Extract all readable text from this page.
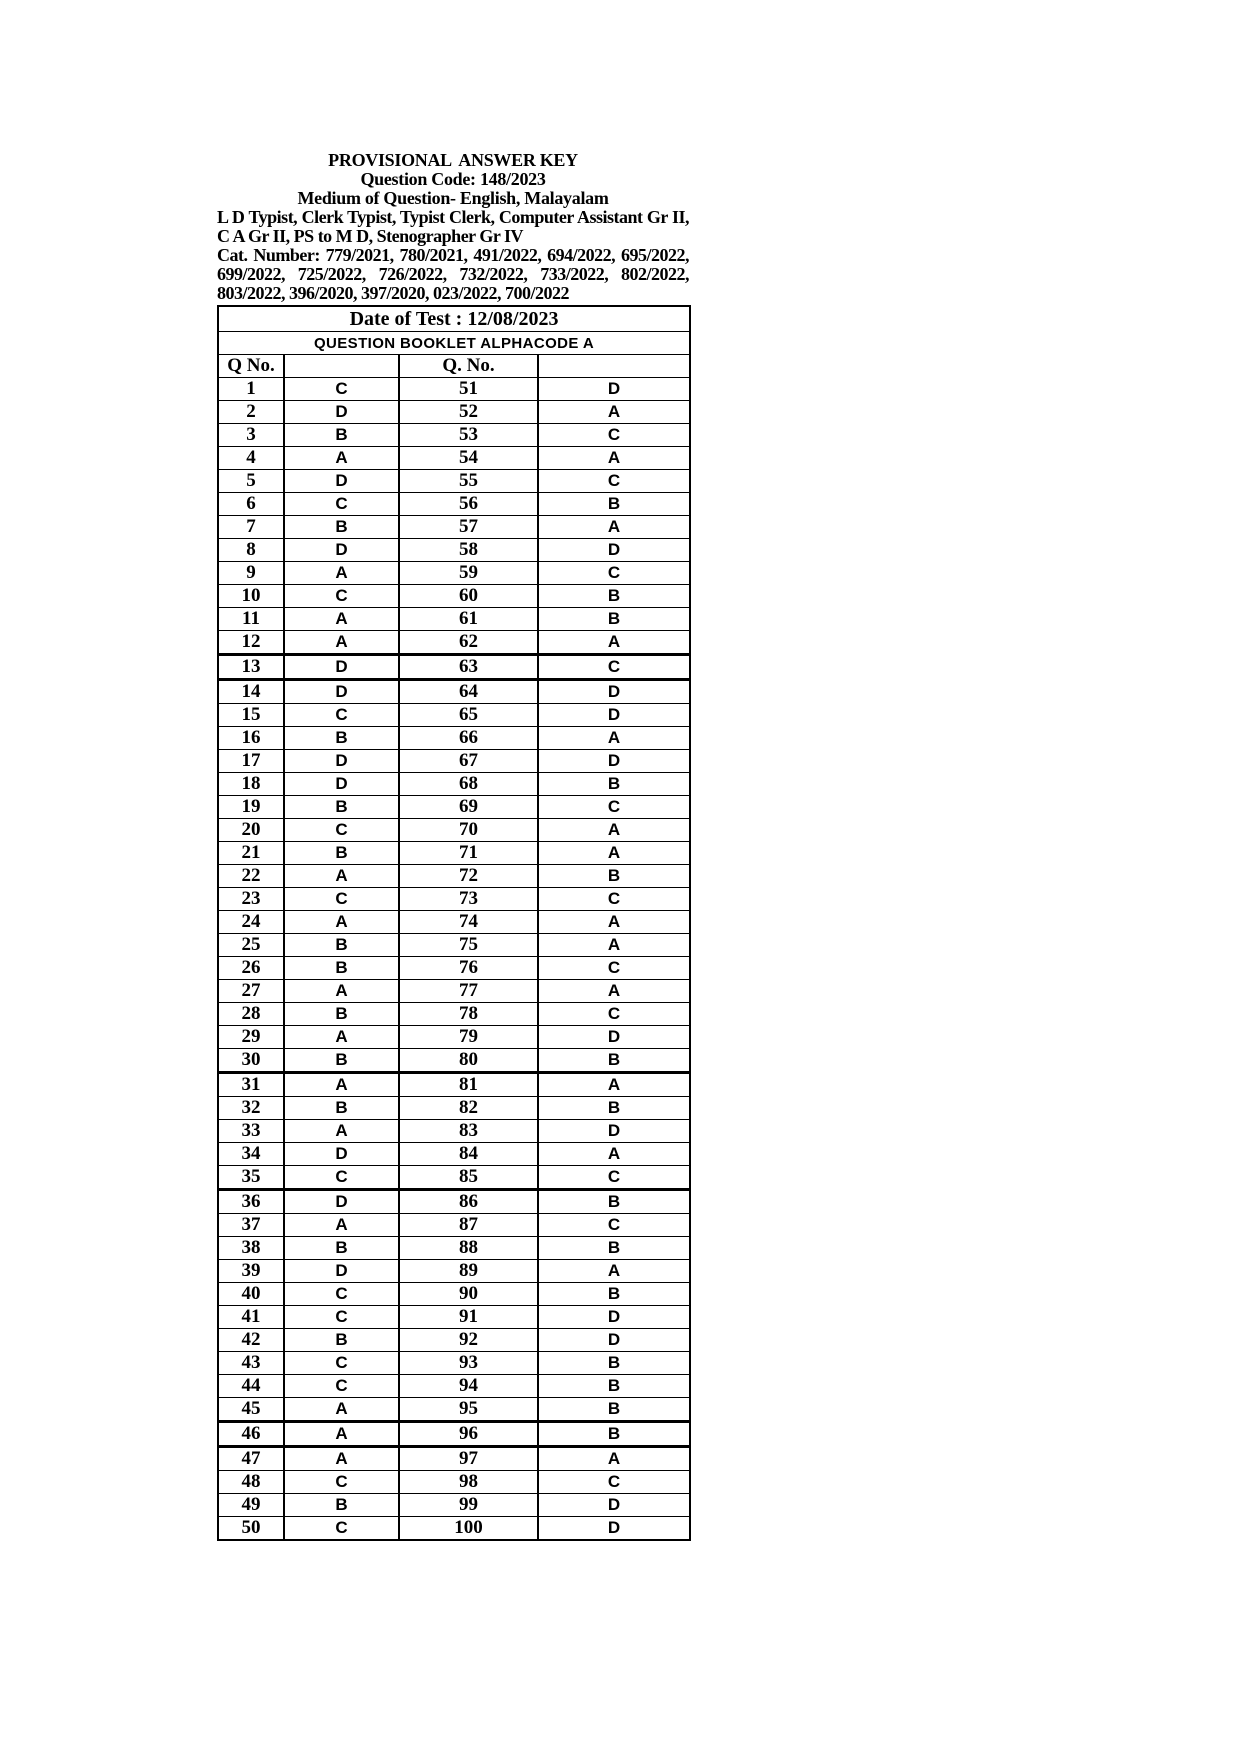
PROVISIONAL  ANSWER KEY
Question Code: 148/2023
Medium of Question- English, Malayalam
L D Typist, Clerk Typist, Typist Clerk, Computer Assistant Gr II, C A Gr II, PS to M D, Stenographer Gr IV
Cat. Number: 779/2021, 780/2021, 491/2022, 694/2022, 695/2022, 699/2022, 725/2022, 726/2022, 732/2022, 733/2022, 802/2022, 803/2022, 396/2020, 397/2020, 023/2022, 700/2022
Date of Test : 12/08/2023			
QUESTION BOOKLET ALPHACODE A			
Q No.		Q. No.	
1	C	51	D
2	D	52	A
3	B	53	C
4	A	54	A
5	D	55	C
6	C	56	B
7	B	57	A
8	D	58	D
9	A	59	C
10	C	60	B
11	A	61	B
12	A	62	A
13	D	63	C
14	D	64	D
15	C	65	D
16	B	66	A
17	D	67	D
18	D	68	B
19	B	69	C
20	C	70	A
21	B	71	A
22	A	72	B
23	C	73	C
24	A	74	A
25	B	75	A
26	B	76	C
27	A	77	A
28	B	78	C
29	A	79	D
30	B	80	B
31	A	81	A
32	B	82	B
33	A	83	D
34	D	84	A
35	C	85	C
36	D	86	B
37	A	87	C
38	B	88	B
39	D	89	A
40	C	90	B
41	C	91	D
42	B	92	D
43	C	93	B
44	C	94	B
45	A	95	B
46	A	96	B
47	A	97	A
48	C	98	C
49	B	99	D
50	C	100	D
